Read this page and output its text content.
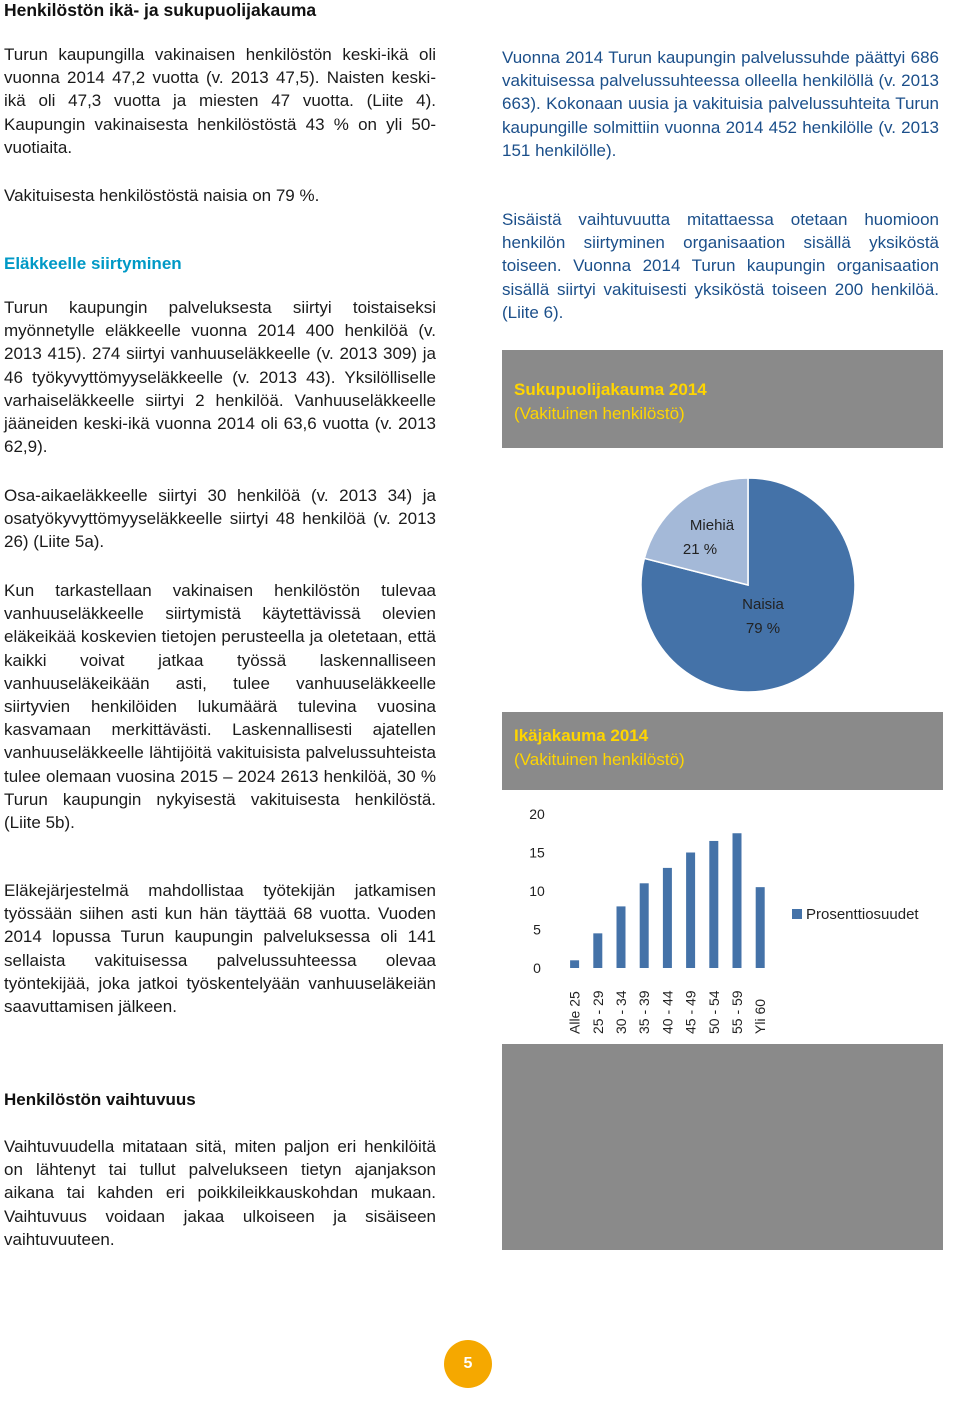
Henkilöstön ikä- ja sukupuolijakauma

Turun kaupungilla vakinaisen henkilöstön keski-ikä oli vuonna 2014 47,2 vuotta (v. 2013 47,5). Naisten keski-ikä oli 47,3 vuotta ja miesten 47 vuotta. (Liite 4). Kaupungin vakinaisesta henkilöstöstä 43 % on yli 50-vuotiaita.

Vakituisesta henkilöstöstä naisia on 79 %.

Eläkkeelle siirtyminen

Turun kaupungin palveluksesta siirtyi toistaiseksi myönnetylle eläkkeelle vuonna 2014 400 henkilöä (v. 2013 415). 274 siirtyi vanhuuseläkkeelle (v. 2013 309) ja 46 työkyvyttömyyseläkkeelle (v. 2013 43). Yksilölliselle varhaiseläkkeelle siirtyi 2 henkilöä. Vanhuuseläkkeelle jääneiden keski-ikä vuonna 2014 oli 63,6 vuotta (v. 2013 62,9).

Osa-aikaeläkkeelle siirtyi 30 henkilöä (v. 2013 34) ja osatyökyvyttömyyseläkkeelle siirtyi 48 henkilöä (v. 2013 26) (Liite 5a).

Kun tarkastellaan vakinaisen henkilöstön tulevaa vanhuuseläkkeelle siirtymistä käytettävissä olevien eläkeikää koskevien tietojen perusteella ja oletetaan, että kaikki voivat jatkaa työssä laskennalliseen vanhuuseläkeikään asti, tulee vanhuuseläkkeelle siirtyvien henkilöiden lukumäärä tulevina vuosina kasvamaan merkittävästi. Laskennallisesti ajatellen vanhuuseläkkeelle lähtijöitä vakituisista palvelussuhteista tulee olemaan vuosina 2015 – 2024 2613 henkilöä, 30 % Turun kaupungin nykyisestä vakituisesta henkilöstä. (Liite 5b).

Eläkejärjestelmä mahdollistaa työtekijän jatkamisen työssään siihen asti kun hän täyttää 68 vuotta. Vuoden 2014 lopussa Turun kaupungin palveluksessa oli 141 sellaista vakituisessa palvelussuhteessa olevaa työntekijää, joka jatkoi työskentelyään vanhuuseläkeiän saavuttamisen jälkeen.

Henkilöstön vaihtuvuus

Vaihtuvuudella mitataan sitä, miten paljon eri henkilöitä on lähtenyt tai tullut palvelukseen tietyn ajanjakson aikana tai kahden eri poikkileikkauskohdan mukaan. Vaihtuvuus voidaan jakaa ulkoiseen ja sisäiseen vaihtuvuuteen.

Vuonna 2014 Turun kaupungin palvelussuhde päättyi 686 vakituisessa palvelussuhteessa olleella henkilöllä (v. 2013 663). Kokonaan uusia ja vakituisia palvelussuhteita Turun kaupungille solmittiin vuonna 2014 452 henkilölle (v. 2013 151 henkilölle).

Sisäistä vaihtuvuutta mitattaessa otetaan huomioon henkilön siirtyminen organisaation sisällä yksiköstä toiseen. Vuonna 2014 Turun kaupungin organisaation sisällä siirtyi vakituisesti yksiköstä toiseen 200 henkilöä. (Liite 6).

Sukupuolijakauma 2014
(Vakituinen henkilöstö)
Miehiä
21 %
Naisia
79 %
Ikäjakauma 2014
(Vakituinen henkilöstö)
0
5
10
15
20
Alle 25 25 - 29 30 - 34 35 - 39 40 - 44 45 - 49 50 - 54 55 - 59 Yli 60
Prosenttiosuudet
5
